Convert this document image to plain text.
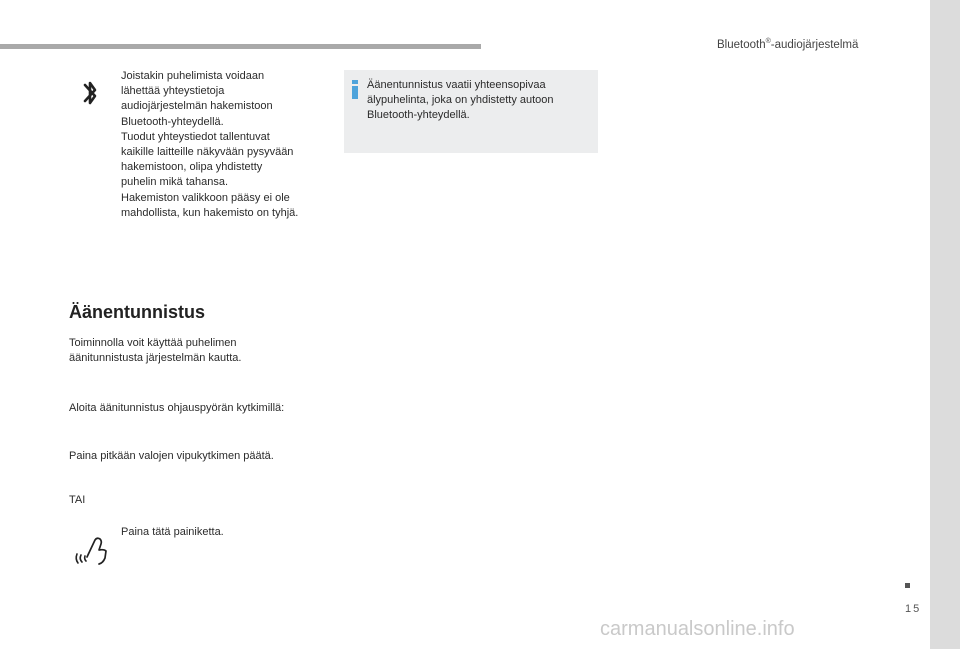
Bluetooth®-audiojärjestelmä
Joistakin puhelimista voidaan
lähettää yhteystietoja
audiojärjestelmän hakemistoon
Bluetooth-yhteydellä.
Tuodut yhteystiedot tallentuvat
kaikille laitteille näkyvään pysyvään
hakemistoon, olipa yhdistetty
puhelin mikä tahansa.
Hakemiston valikkoon pääsy ei ole
mahdollista, kun hakemisto on tyhjä.
Äänentunnistus vaatii yhteensopivaa
älypuhelinta, joka on yhdistetty autoon
Bluetooth-yhteydellä.
Äänentunnistus
Toiminnolla voit käyttää puhelimen
äänitunnistusta järjestelmän kautta.
Aloita äänitunnistus ohjauspyörän kytkimillä:
Paina pitkään valojen vipukytkimen päätä.
TAI
Paina tätä painiketta.
15
carmanualsonline.info
